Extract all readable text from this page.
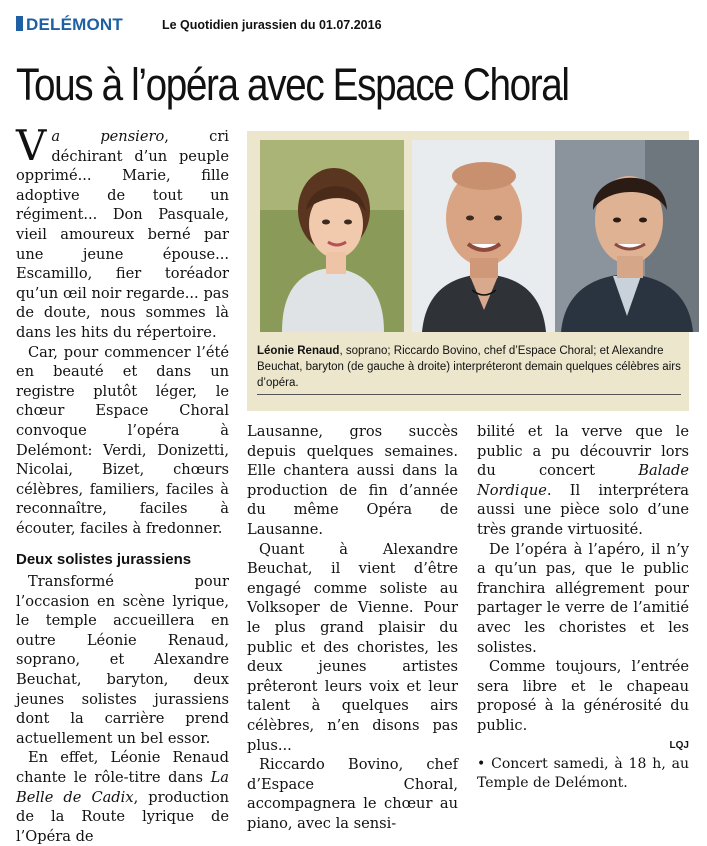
DELÉMONT	Le Quotidien jurassien du 01.07.2016
Tous à l’opéra avec Espace Choral

Va pensiero, cri déchirant d’un peuple opprimé... Marie, fille adoptive de tout un régiment... Don Pasquale, vieil amoureux berné par une jeune épouse... Escamillo, fier toréador qu’un œil noir regarde... pas de doute, nous sommes là dans les hits du répertoire.

Car, pour commencer l’été en beauté et dans un registre plutôt léger, le chœur Espace Choral convoque l’opéra à Delémont: Verdi, Donizetti, Nicolai, Bizet, chœurs célèbres, familiers, faciles à reconnaître, faciles à écouter, faciles à fredonner.

Deux solistes jurassiens

Transformé pour l’occasion en scène lyrique, le temple accueillera en outre Léonie Renaud, soprano, et Alexandre Beuchat, baryton, deux jeunes solistes jurassiens dont la carrière prend actuellement un bel essor.

En effet, Léonie Renaud chante le rôle-titre dans La Belle de Cadix, production de la Route lyrique de l’Opéra de

Léonie Renaud, soprano; Riccardo Bovino, chef d’Espace Choral; et Alexandre Beuchat, baryton (de gauche à droite) interpréteront demain quelques célèbres airs d’opéra.

Lausanne, gros succès depuis quelques semaines. Elle chantera aussi dans la production de fin d’année du même Opéra de Lausanne.

Quant à Alexandre Beuchat, il vient d’être engagé comme soliste au Volksoper de Vienne. Pour le plus grand plaisir du public et des choristes, les deux jeunes artistes prêteront leurs voix et leur talent à quelques airs célèbres, n’en disons pas plus...

Riccardo Bovino, chef d’Espace Choral, accompagnera le chœur au piano, avec la sensi-

bilité et la verve que le public a pu découvrir lors du concert Balade Nordique. Il interprétera aussi une pièce solo d’une très grande virtuosité.

De l’opéra à l’apéro, il n’y a qu’un pas, que le public franchira allégrement pour partager le verre de l’amitié avec les choristes et les solistes.

Comme toujours, l’entrée sera libre et le chapeau proposé à la générosité du public.

LQJ

• Concert samedi, à 18 h, au Temple de Delémont.
